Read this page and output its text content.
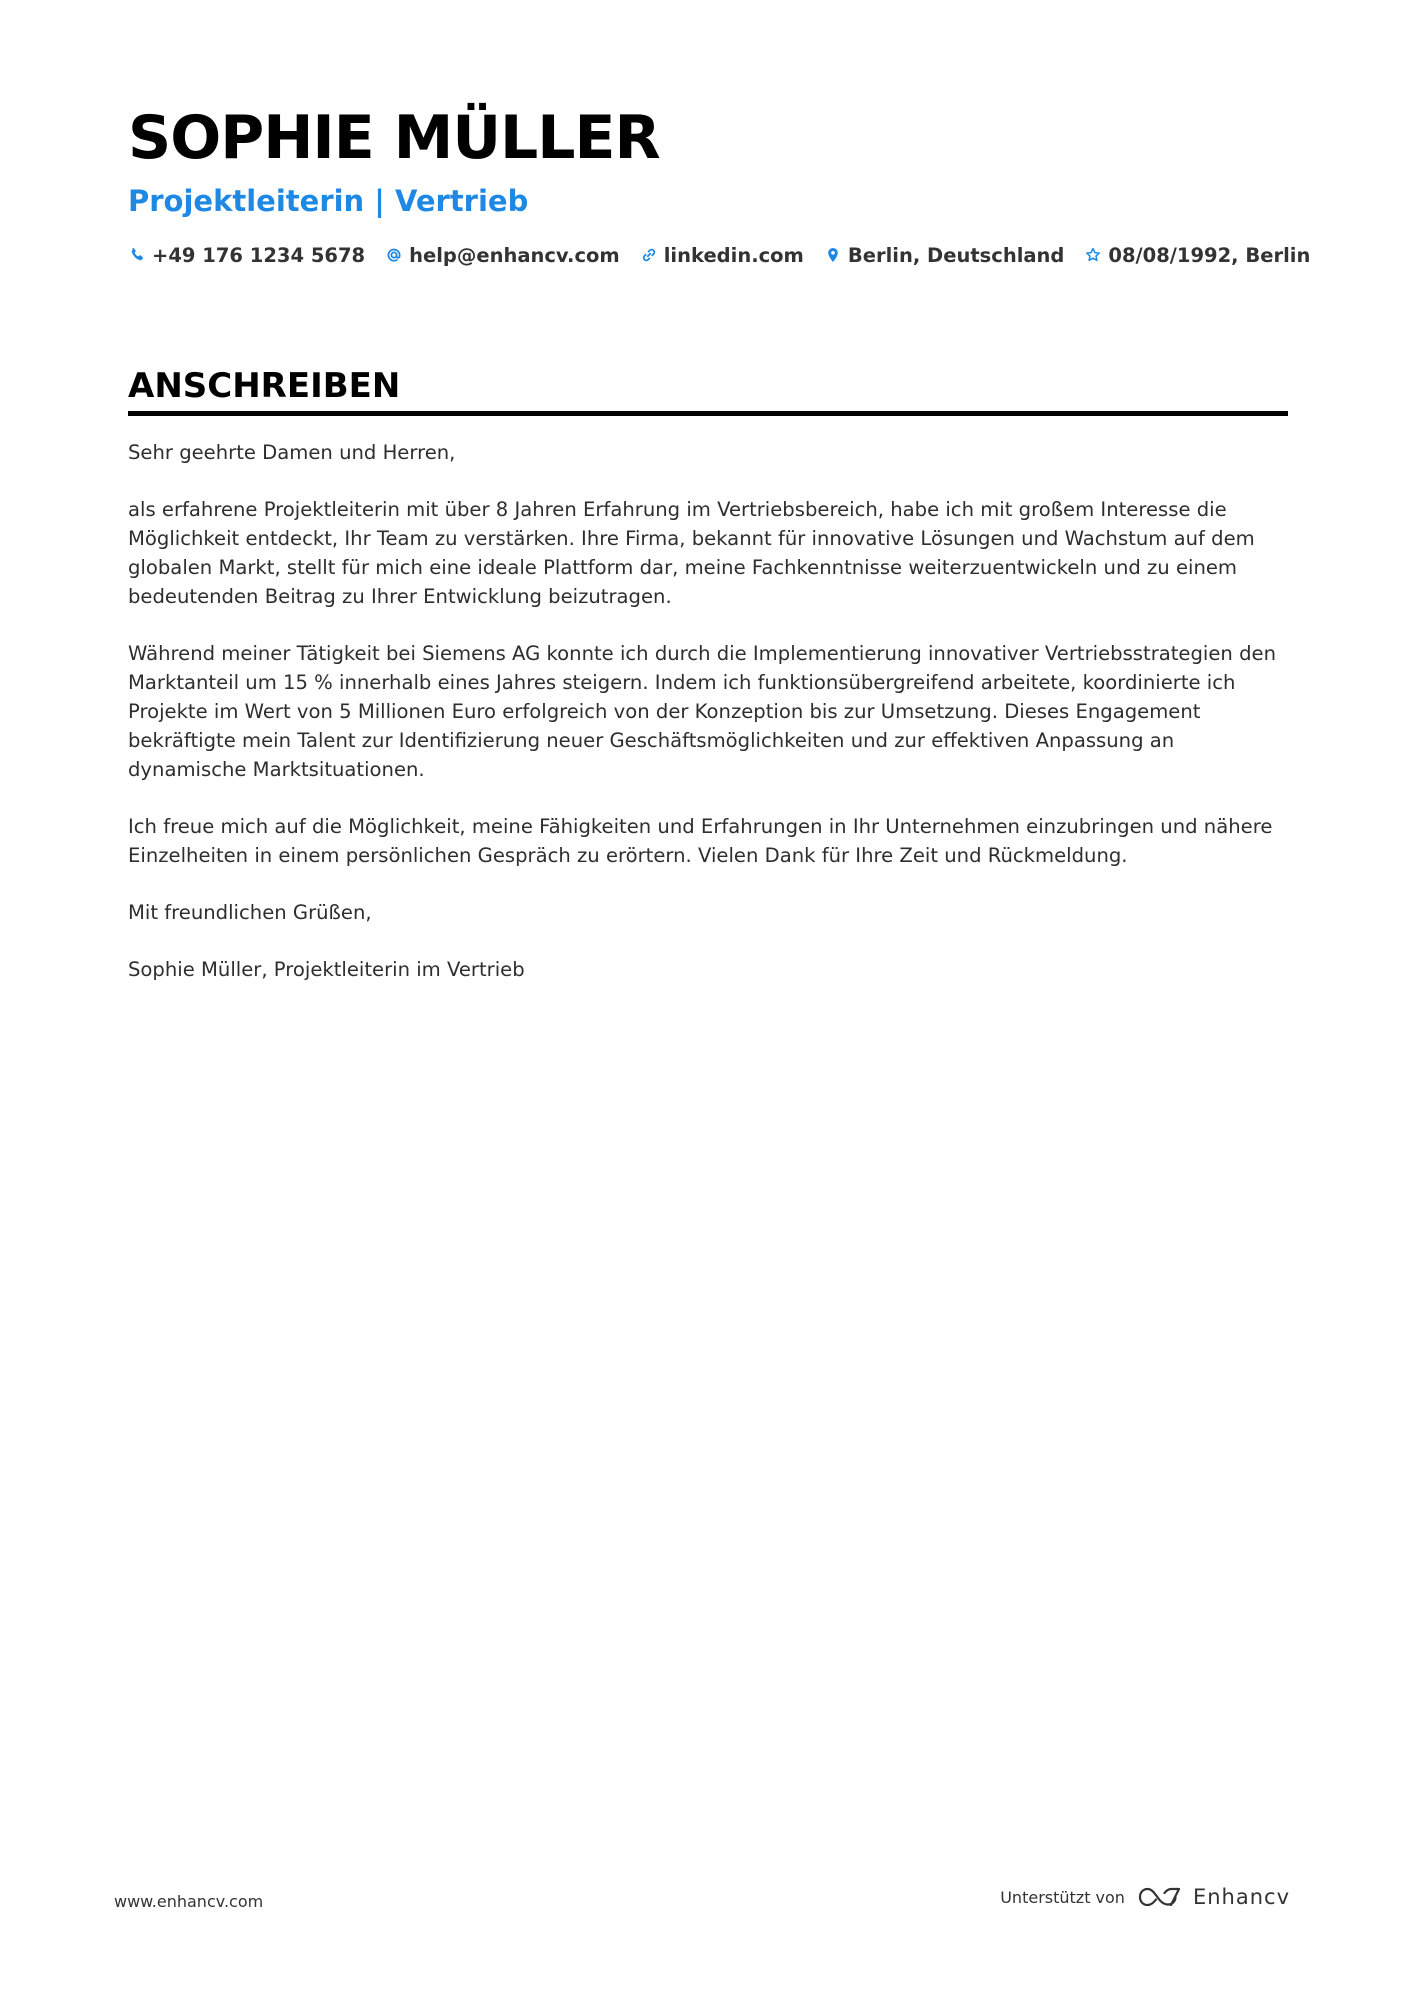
SOPHIE MÜLLER
Projektleiterin | Vertrieb
+49 176 1234 5678 help@enhancv.com linkedin.com Berlin, Deutschland 08/08/1992, Berlin
ANSCHREIBEN

Sehr geehrte Damen und Herren,

als erfahrene Projektleiterin mit über 8 Jahren Erfahrung im Vertriebsbereich, habe ich mit großem Interesse die Möglichkeit entdeckt, Ihr Team zu verstärken. Ihre Firma, bekannt für innovative Lösungen und Wachstum auf dem globalen Markt, stellt für mich eine ideale Plattform dar, meine Fachkenntnisse weiterzuentwickeln und zu einem bedeutenden Beitrag zu Ihrer Entwicklung beizutragen.

Während meiner Tätigkeit bei Siemens AG konnte ich durch die Implementierung innovativer Vertriebsstrategien den Marktanteil um 15 % innerhalb eines Jahres steigern. Indem ich funktionsübergreifend arbeitete, koordinierte ich Projekte im Wert von 5 Millionen Euro erfolgreich von der Konzeption bis zur Umsetzung. Dieses Engagement bekräftigte mein Talent zur Identifizierung neuer Geschäftsmöglichkeiten und zur effektiven Anpassung an dynamische Marktsituationen.

Ich freue mich auf die Möglichkeit, meine Fähigkeiten und Erfahrungen in Ihr Unternehmen einzubringen und nähere Einzelheiten in einem persönlichen Gespräch zu erörtern. Vielen Dank für Ihre Zeit und Rückmeldung.

Mit freundlichen Grüßen,

Sophie Müller, Projektleiterin im Vertrieb

www.enhancv.com	Unterstützt von	Enhancv
